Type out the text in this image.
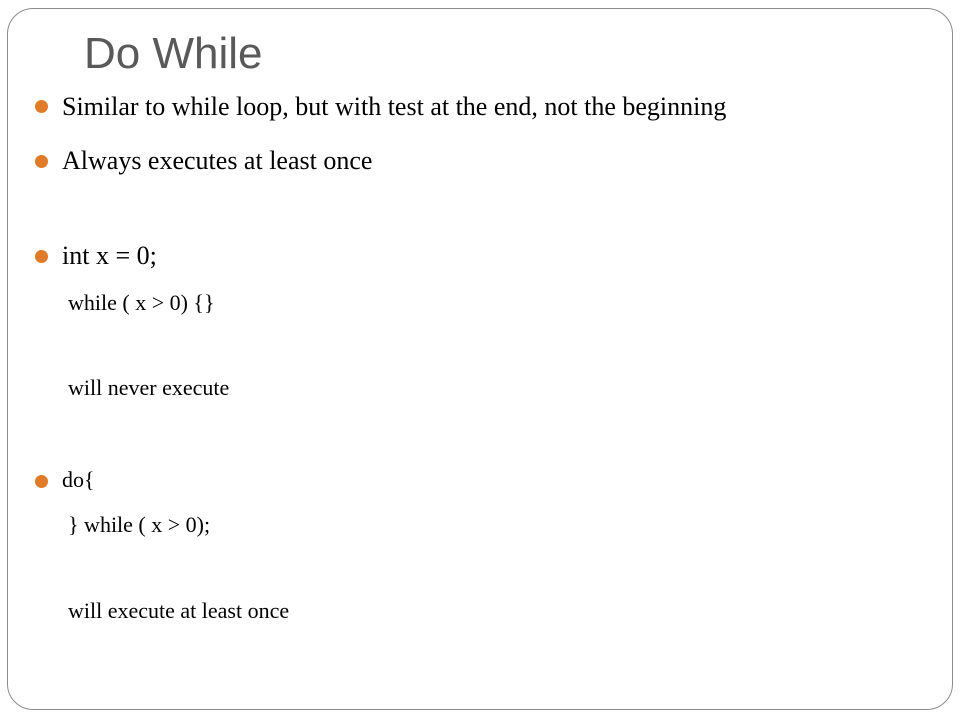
Do While
Similar to while loop, but with test at the end, not the beginning
Always executes at least once
int x = 0;
while ( x > 0) {}
will never execute
do{
} while ( x > 0);
will execute at least once
